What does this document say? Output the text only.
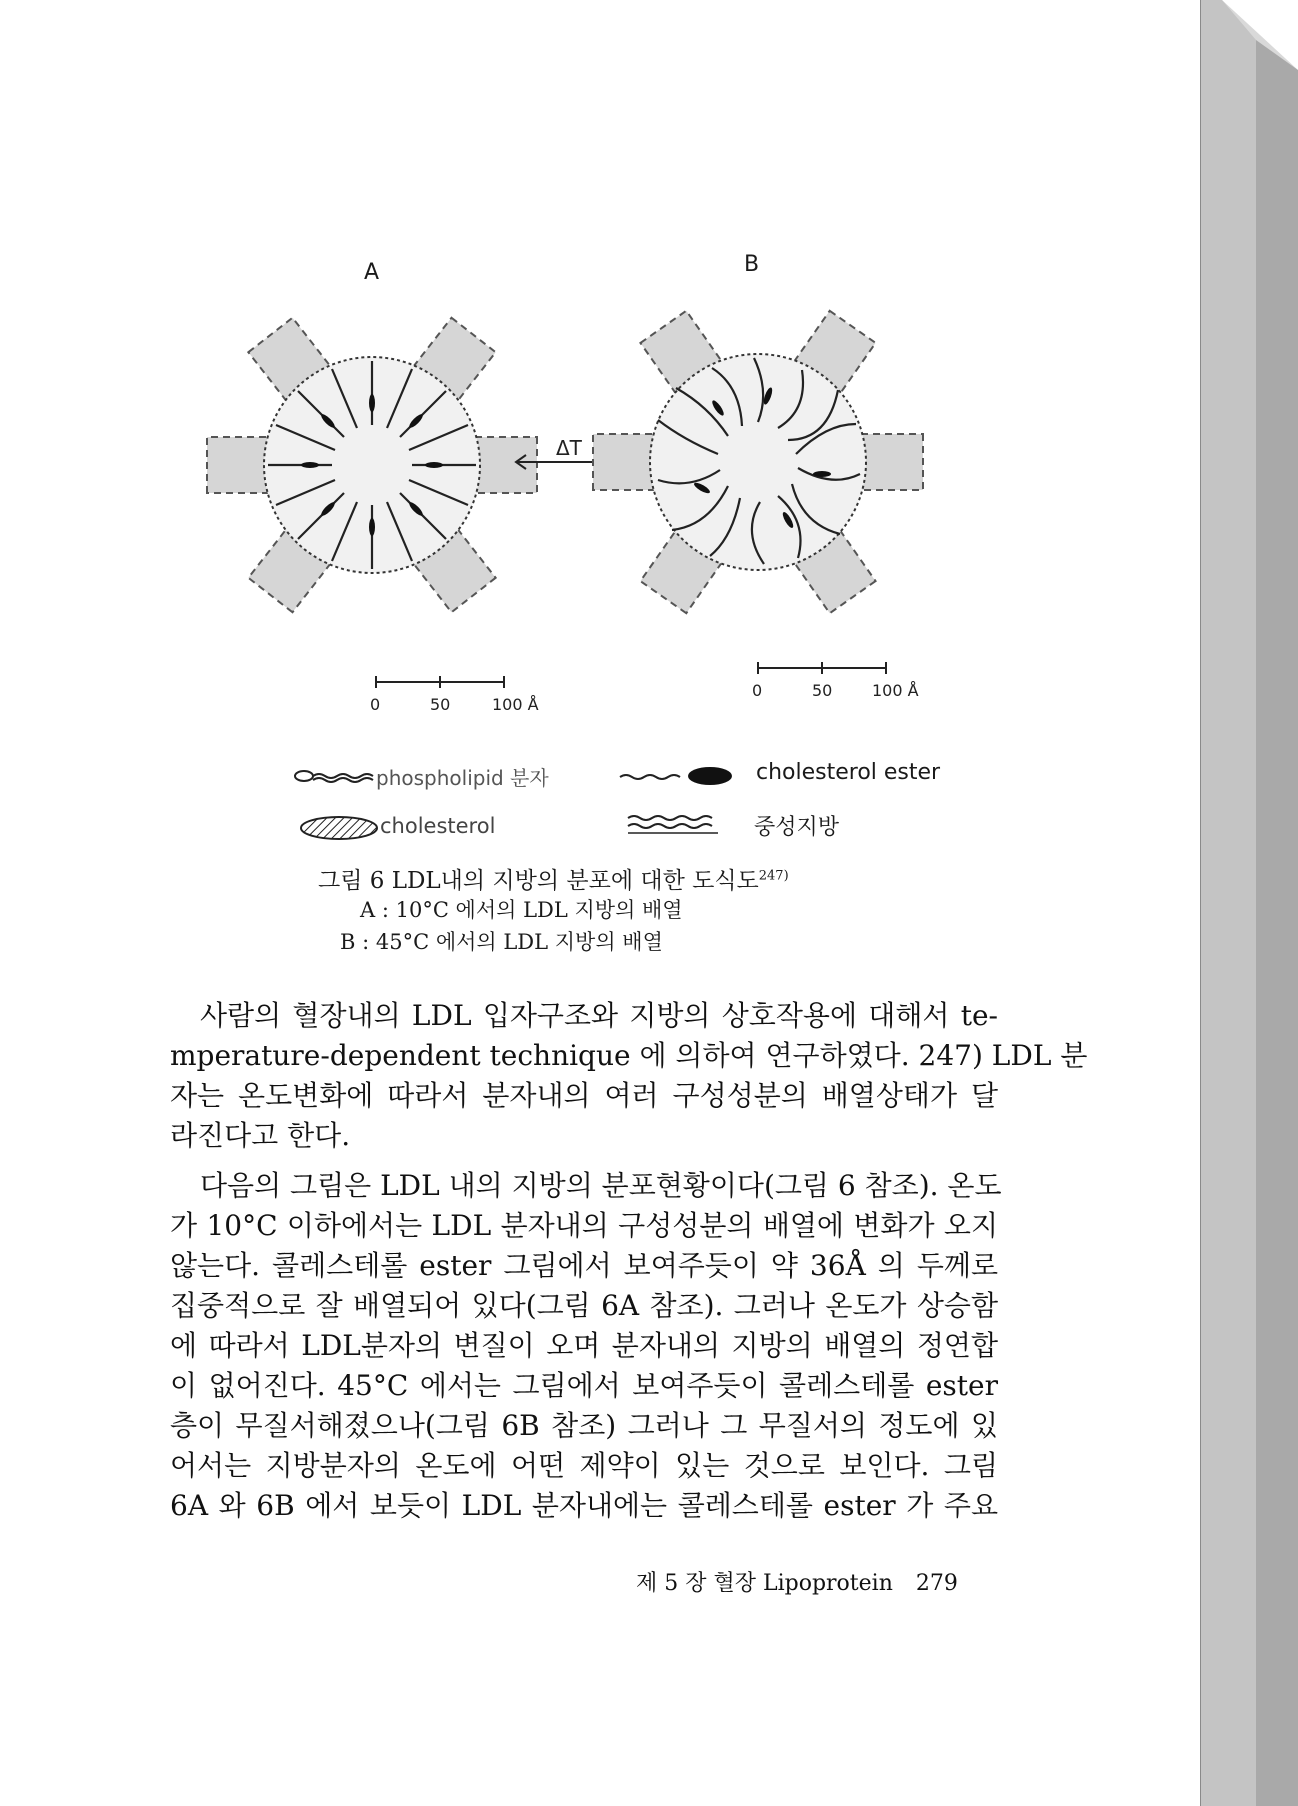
A	B
ΔT
0	50	100 Å
0	50 100 Å
phospholipid 분자	cholesterol ester
cholesterol	중성지방
그림 6 LDL내의 지방의 분포에 대한 도식도$^{247)}$
A : 10°C 에서의 LDL 지방의 배열
B : 45°C 에서의 LDL 지방의 배열
사람의 혈장내의 LDL 입자구조와 지방의 상호작용에 대해서 te-
mperature-dependent technique 에 의하여 연구하였다. 247) LDL 분
자는 온도변화에 따라서 분자내의 여러 구성성분의 배열상태가 달
라진다고 한다.
다음의 그림은 LDL 내의 지방의 분포현황이다(그림 6 참조). 온도
가 10°C 이하에서는 LDL 분자내의 구성성분의 배열에 변화가 오지
않는다. 콜레스테롤 ester 그림에서 보여주듯이 약 36Å 의 두께로
집중적으로 잘 배열되어 있다(그림 6A 참조). 그러나 온도가 상승함
에 따라서 LDL분자의 변질이 오며 분자내의 지방의 배열의 정연합
이 없어진다. 45°C 에서는 그림에서 보여주듯이 콜레스테롤 ester
층이 무질서해졌으나(그림 6B 참조) 그러나 그 무질서의 정도에 있
어서는 지방분자의 온도에 어떤 제약이 있는 것으로 보인다. 그림
6A 와 6B 에서 보듯이 LDL 분자내에는 콜레스테롤 ester 가 주요
제 5 장 혈장 Lipoprotein 279
